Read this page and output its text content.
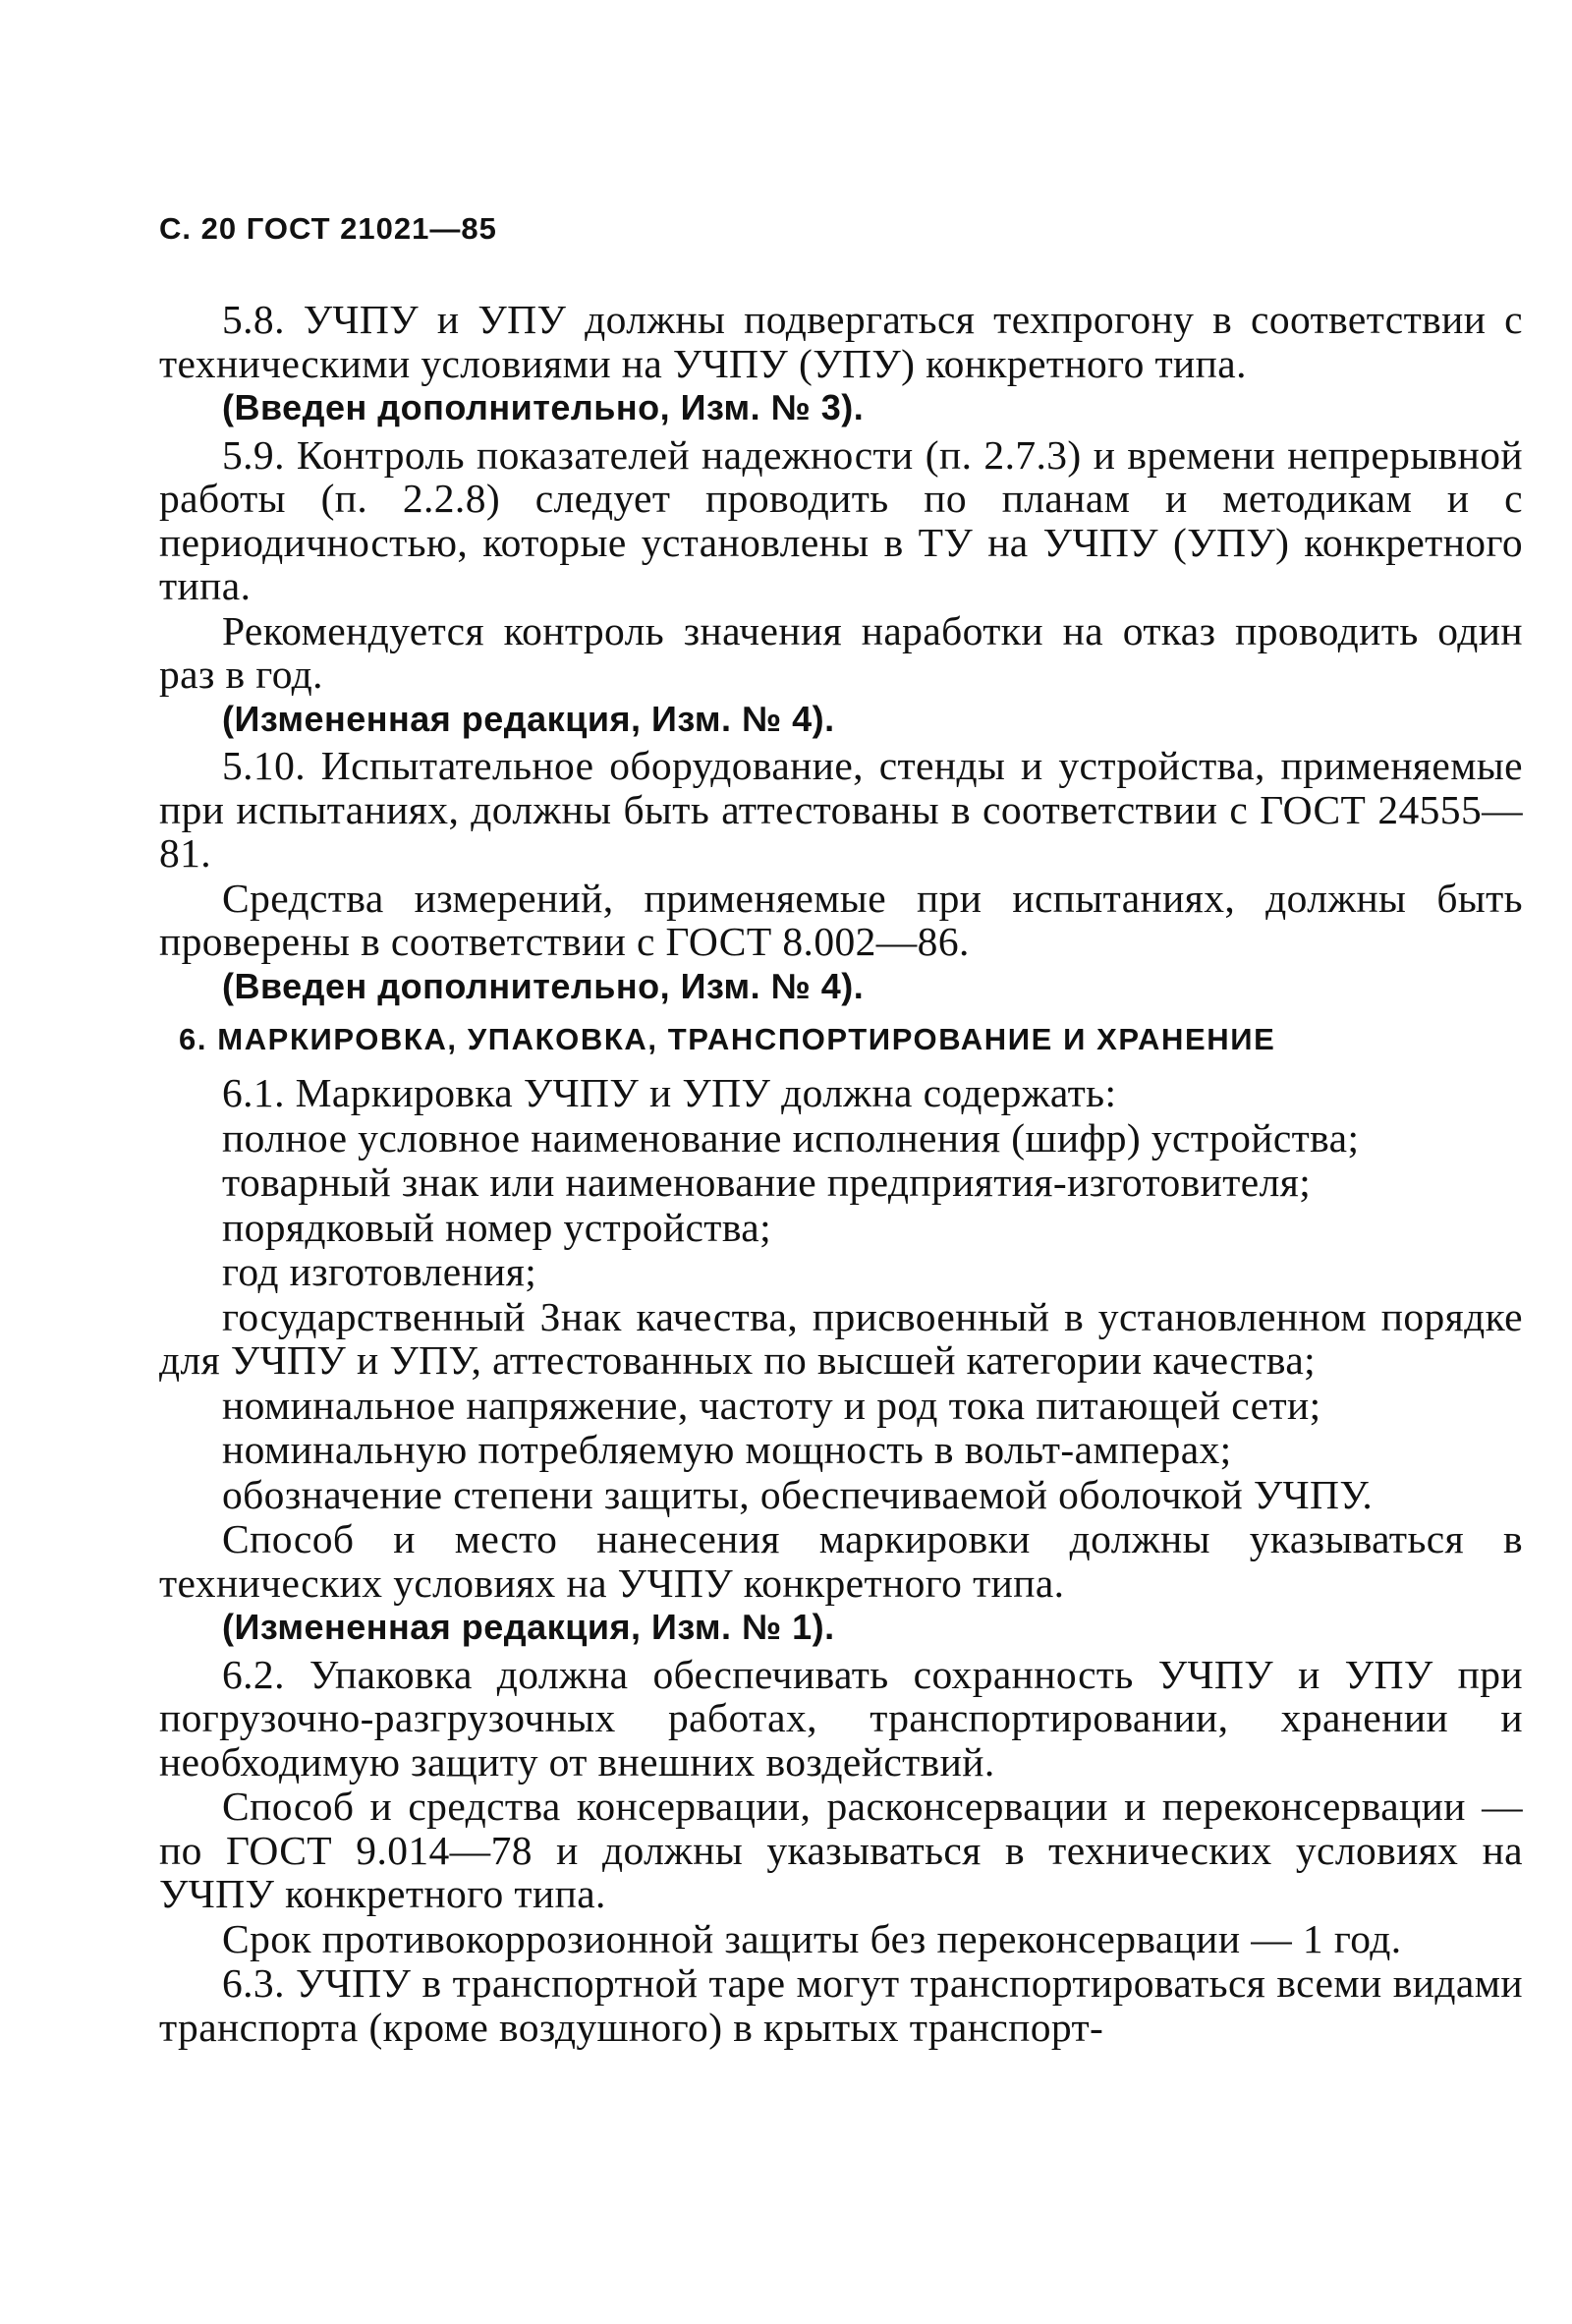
С. 20 ГОСТ 21021—85
5.8. УЧПУ и УПУ должны подвергаться техпрогону в соответствии с техническими условиями на УЧПУ (УПУ) конкретного типа.
(Введен дополнительно, Изм. № 3).
5.9. Контроль показателей надежности (п. 2.7.3) и времени непрерывной работы (п. 2.2.8) следует проводить по планам и методикам и с периодичностью, которые установлены в ТУ на УЧПУ (УПУ) конкретного типа.
Рекомендуется контроль значения наработки на отказ проводить один раз в год.
(Измененная редакция, Изм. № 4).
5.10. Испытательное оборудование, стенды и устройства, применяемые при испытаниях, должны быть аттестованы в соответствии с ГОСТ 24555—81.
Средства измерений, применяемые при испытаниях, должны быть проверены в соответствии с ГОСТ 8.002—86.
(Введен дополнительно, Изм. № 4).
6. МАРКИРОВКА, УПАКОВКА, ТРАНСПОРТИРОВАНИЕ И ХРАНЕНИЕ
6.1. Маркировка УЧПУ и УПУ должна содержать:
полное условное наименование исполнения (шифр) устройства;
товарный знак или наименование предприятия-изготовителя;
порядковый номер устройства;
год изготовления;
государственный Знак качества, присвоенный в установленном порядке для УЧПУ и УПУ, аттестованных по высшей категории качества;
номинальное напряжение, частоту и род тока питающей сети;
номинальную потребляемую мощность в вольт-амперах;
обозначение степени защиты, обеспечиваемой оболочкой УЧПУ.
Способ и место нанесения маркировки должны указываться в технических условиях на УЧПУ конкретного типа.
(Измененная редакция, Изм. № 1).
6.2. Упаковка должна обеспечивать сохранность УЧПУ и УПУ при погрузочно-разгрузочных работах, транспортировании, хранении и необходимую защиту от внешних воздействий.
Способ и средства консервации, расконсервации и переконсервации — по ГОСТ 9.014—78 и должны указываться в технических условиях на УЧПУ конкретного типа.
Срок противокоррозионной защиты без переконсервации — 1 год.
6.3. УЧПУ в транспортной таре могут транспортироваться всеми видами транспорта (кроме воздушного) в крытых транспорт-
